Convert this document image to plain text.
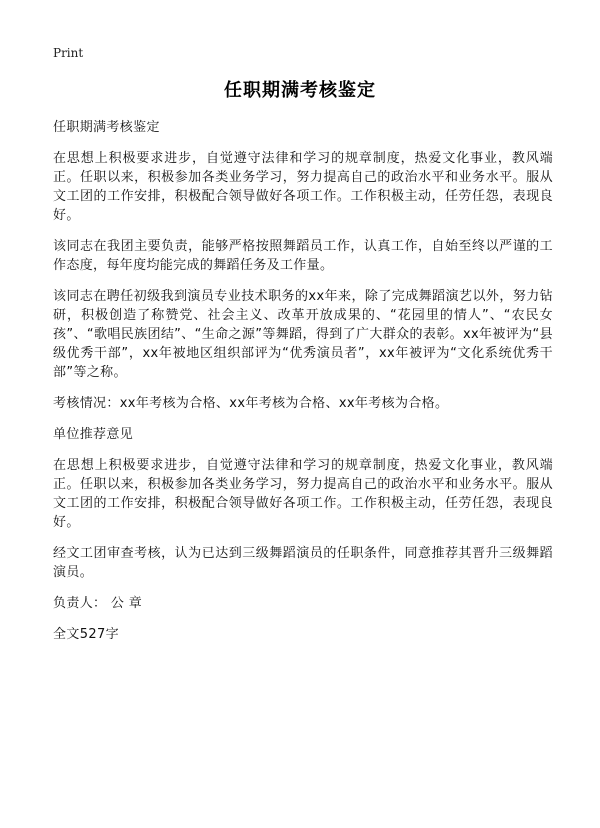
Print
任职期满考核鉴定

任职期满考核鉴定

在思想上积极要求进步，自觉遵守法律和学习的规章制度，热爱文化事业，教风端正。任职以来，积极参加各类业务学习，努力提高自己的政治水平和业务水平。服从文工团的工作安排，积极配合领导做好各项工作。工作积极主动，任劳任怨，表现良好。

该同志在我团主要负责，能够严格按照舞蹈员工作，认真工作，自始至终以严谨的工作态度，每年度均能完成的舞蹈任务及工作量。

该同志在聘任初级我到演员专业技术职务的xx年来，除了完成舞蹈演艺以外，努力钻研，积极创造了称赞党、社会主义、改革开放成果的、“花园里的情人”、“农民女孩”、“歌唱民族团结”、“生命之源”等舞蹈，得到了广大群众的表彰。xx年被评为“县级优秀干部”，xx年被地区组织部评为“优秀演员者”，xx年被评为“文化系统优秀干部”等之称。

考核情况：xx年考核为合格、xx年考核为合格、xx年考核为合格。

单位推荐意见

在思想上积极要求进步，自觉遵守法律和学习的规章制度，热爱文化事业，教风端正。任职以来，积极参加各类业务学习，努力提高自己的政治水平和业务水平。服从文工团的工作安排，积极配合领导做好各项工作。工作积极主动，任劳任怨，表现良好。

经文工团审查考核，认为已达到三级舞蹈演员的任职条件，同意推荐其晋升三级舞蹈演员。

负责人： 公 章

全文527字
